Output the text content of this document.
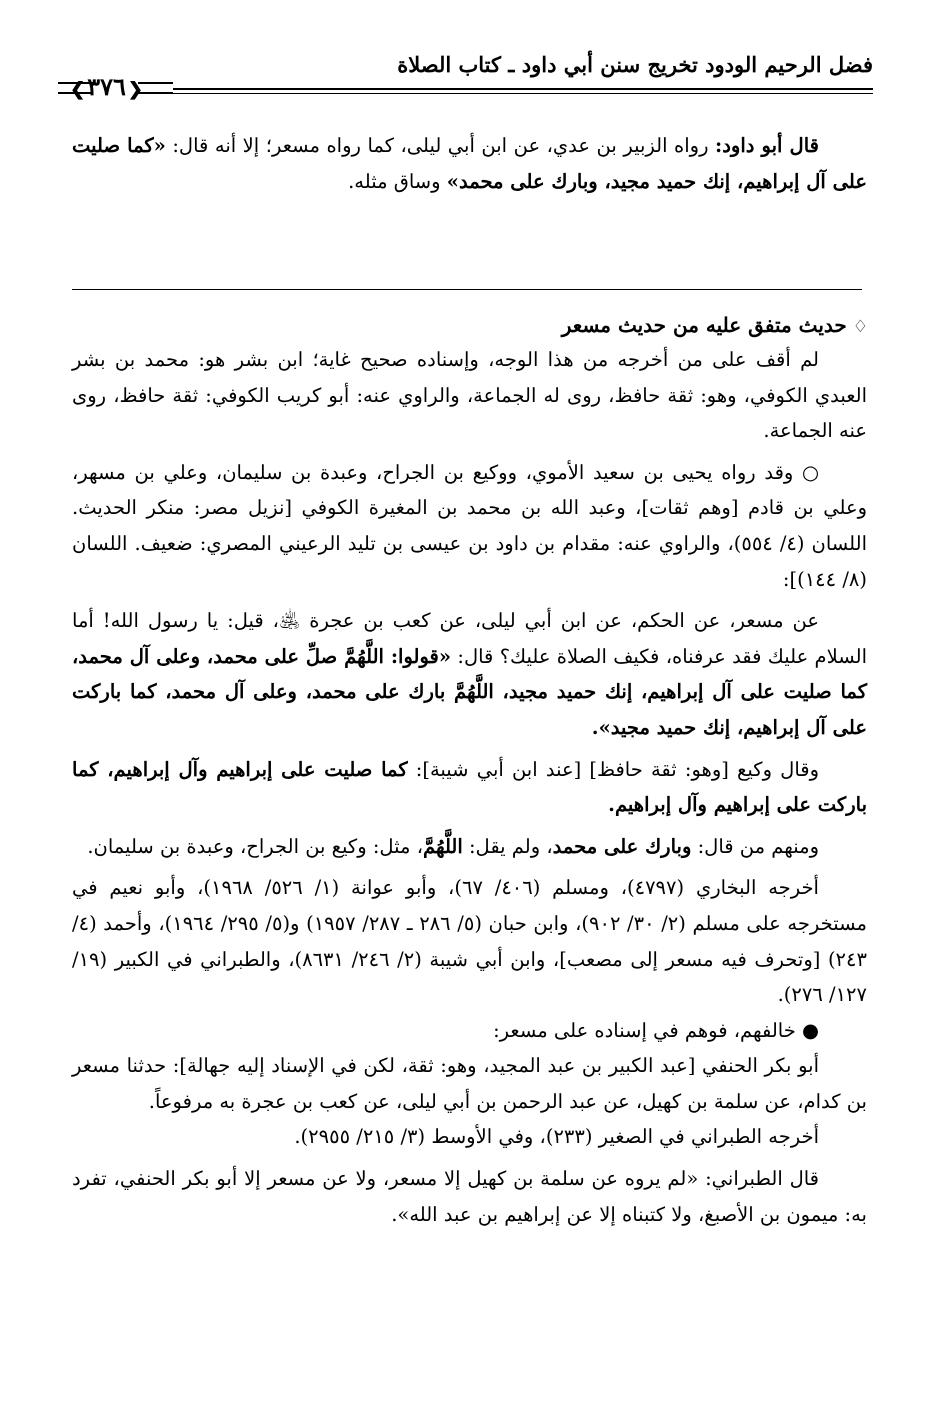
فضل الرحيم الودود تخريج سنن أبي داود ـ كتاب الصلاة
❮ ٣٧٦ ❯

قال أبو داود: رواه الزبير بن عدي، عن ابن أبي ليلى، كما رواه مسعر؛ إلا أنه قال: «كما صليت على آل إبراهيم، إنك حميد مجيد، وبارك على محمد» وساق مثله.

♢حديث متفق عليه من حديث مسعر

لم أقف على من أخرجه من هذا الوجه، وإسناده صحيح غاية؛ ابن بشر هو: محمد بن بشر العبدي الكوفي، وهو: ثقة حافظ، روى له الجماعة، والراوي عنه: أبو كريب الكوفي: ثقة حافظ، روى عنه الجماعة.

○ وقد رواه يحيى بن سعيد الأموي، ووكيع بن الجراح، وعبدة بن سليمان، وعلي بن مسهر، وعلي بن قادم [وهم ثقات]، وعبد الله بن محمد بن المغيرة الكوفي [نزيل مصر: منكر الحديث. اللسان (٤/ ٥٥٤)، والراوي عنه: مقدام بن داود بن عيسى بن تليد الرعيني المصري: ضعيف. اللسان (٨/ ١٤٤)]:

عن مسعر، عن الحكم، عن ابن أبي ليلى، عن كعب بن عجرة ﵁، قيل: يا رسول الله! أما السلام عليك فقد عرفناه، فكيف الصلاة عليك؟ قال: «قولوا: اللَّهُمَّ صلِّ على محمد، وعلى آل محمد، كما صليت على آل إبراهيم، إنك حميد مجيد، اللَّهُمَّ بارك على محمد، وعلى آل محمد، كما باركت على آل إبراهيم، إنك حميد مجيد».

وقال وكيع [وهو: ثقة حافظ] [عند ابن أبي شيبة]: كما صليت على إبراهيم وآل إبراهيم، كما باركت على إبراهيم وآل إبراهيم.

ومنهم من قال: وبارك على محمد، ولم يقل: اللَّهُمَّ، مثل: وكيع بن الجراح، وعبدة بن سليمان.

أخرجه البخاري (٤٧٩٧)، ومسلم (٤٠٦/ ٦٧)، وأبو عوانة (١/ ٥٢٦/ ١٩٦٨)، وأبو نعيم في مستخرجه على مسلم (٢/ ٣٠/ ٩٠٢)، وابن حبان (٥/ ٢٨٦ ـ ٢٨٧/ ١٩٥٧) و(٥/ ٢٩٥/ ١٩٦٤)، وأحمد (٤/ ٢٤٣) [وتحرف فيه مسعر إلى مصعب]، وابن أبي شيبة (٢/ ٢٤٦/ ٨٦٣١)، والطبراني في الكبير (١٩/ ١٢٧/ ٢٧٦).

● خالفهم، فوهم في إسناده على مسعر:

أبو بكر الحنفي [عبد الكبير بن عبد المجيد، وهو: ثقة، لكن في الإسناد إليه جهالة]: حدثنا مسعر بن كدام، عن سلمة بن كهيل، عن عبد الرحمن بن أبي ليلى، عن كعب بن عجرة به مرفوعاً.

أخرجه الطبراني في الصغير (٢٣٣)، وفي الأوسط (٣/ ٢١٥/ ٢٩٥٥).

قال الطبراني: «لم يروه عن سلمة بن كهيل إلا مسعر، ولا عن مسعر إلا أبو بكر الحنفي، تفرد به: ميمون بن الأصبغ، ولا كتبناه إلا عن إبراهيم بن عبد الله».
